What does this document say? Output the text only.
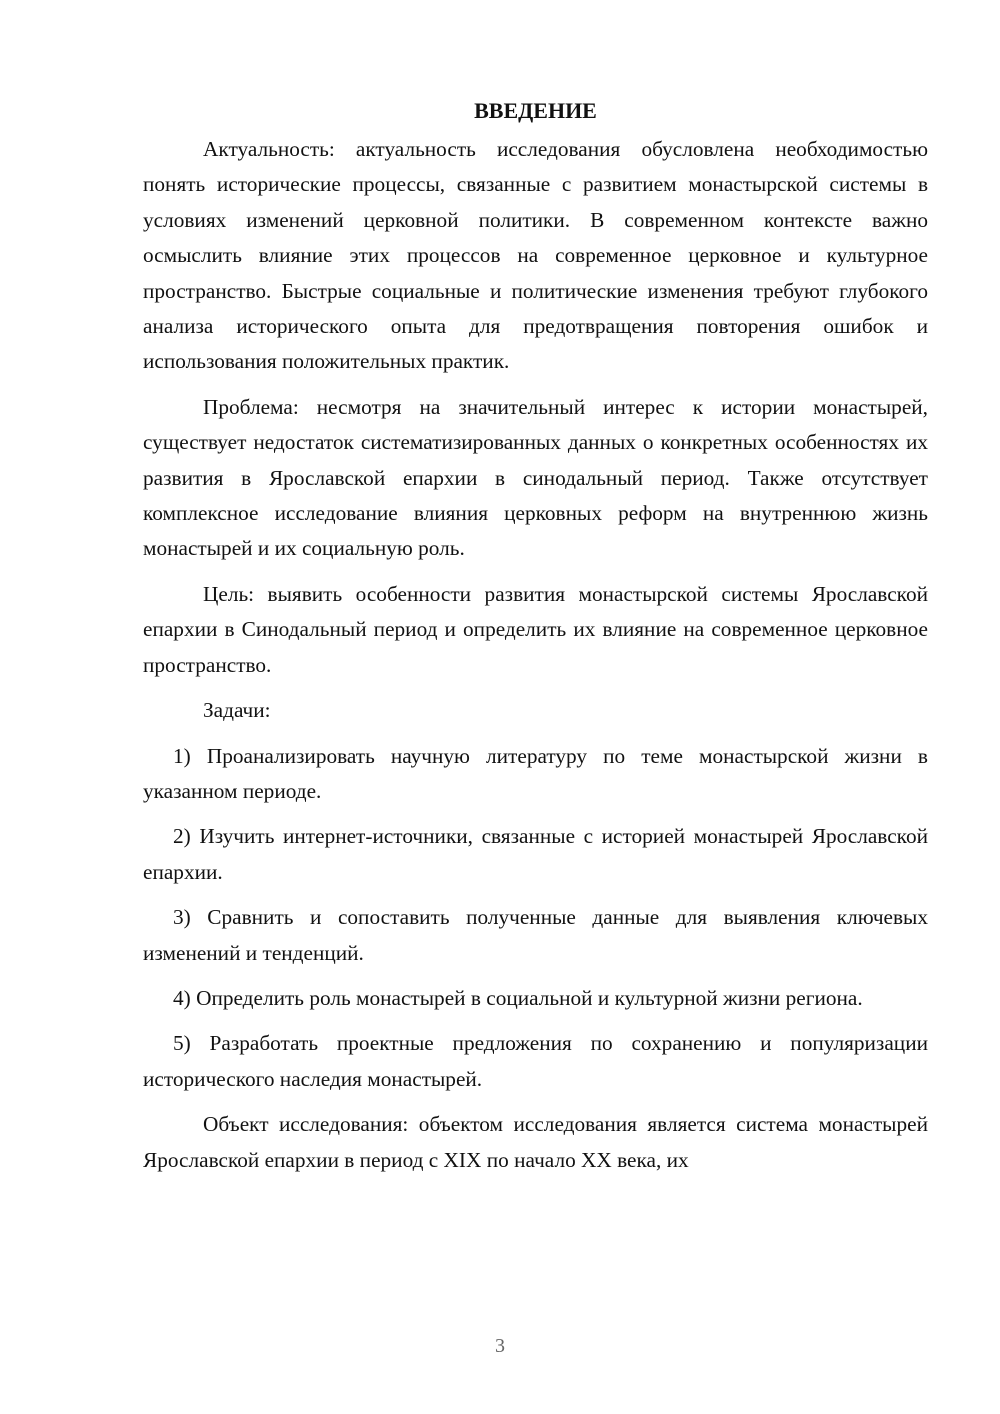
ВВЕДЕНИЕ

Актуальность: актуальность исследования обусловлена необходимостью понять исторические процессы, связанные с развитием монастырской системы в условиях изменений церковной политики. В современном контексте важно осмыслить влияние этих процессов на современное церковное и культурное пространство. Быстрые социальные и политические изменения требуют глубокого анализа исторического опыта для предотвращения повторения ошибок и использования положительных практик.

Проблема: несмотря на значительный интерес к истории монастырей, существует недостаток систематизированных данных о конкретных особенностях их развития в Ярославской епархии в синодальный период. Также отсутствует комплексное исследование влияния церковных реформ на внутреннюю жизнь монастырей и их социальную роль.

Цель: выявить особенности развития монастырской системы Ярославской епархии в Синодальный период и определить их влияние на современное церковное пространство.

Задачи:

1) Проанализировать научную литературу по теме монастырской жизни в указанном периоде.

2) Изучить интернет-источники, связанные с историей монастырей Ярославской епархии.

3) Сравнить и сопоставить полученные данные для выявления ключевых изменений и тенденций.

4) Определить роль монастырей в социальной и культурной жизни региона.

5) Разработать проектные предложения по сохранению и популяризации исторического наследия монастырей.

Объект исследования: объектом исследования является система монастырей Ярославской епархии в период с XIX по начало XX века, их

3
